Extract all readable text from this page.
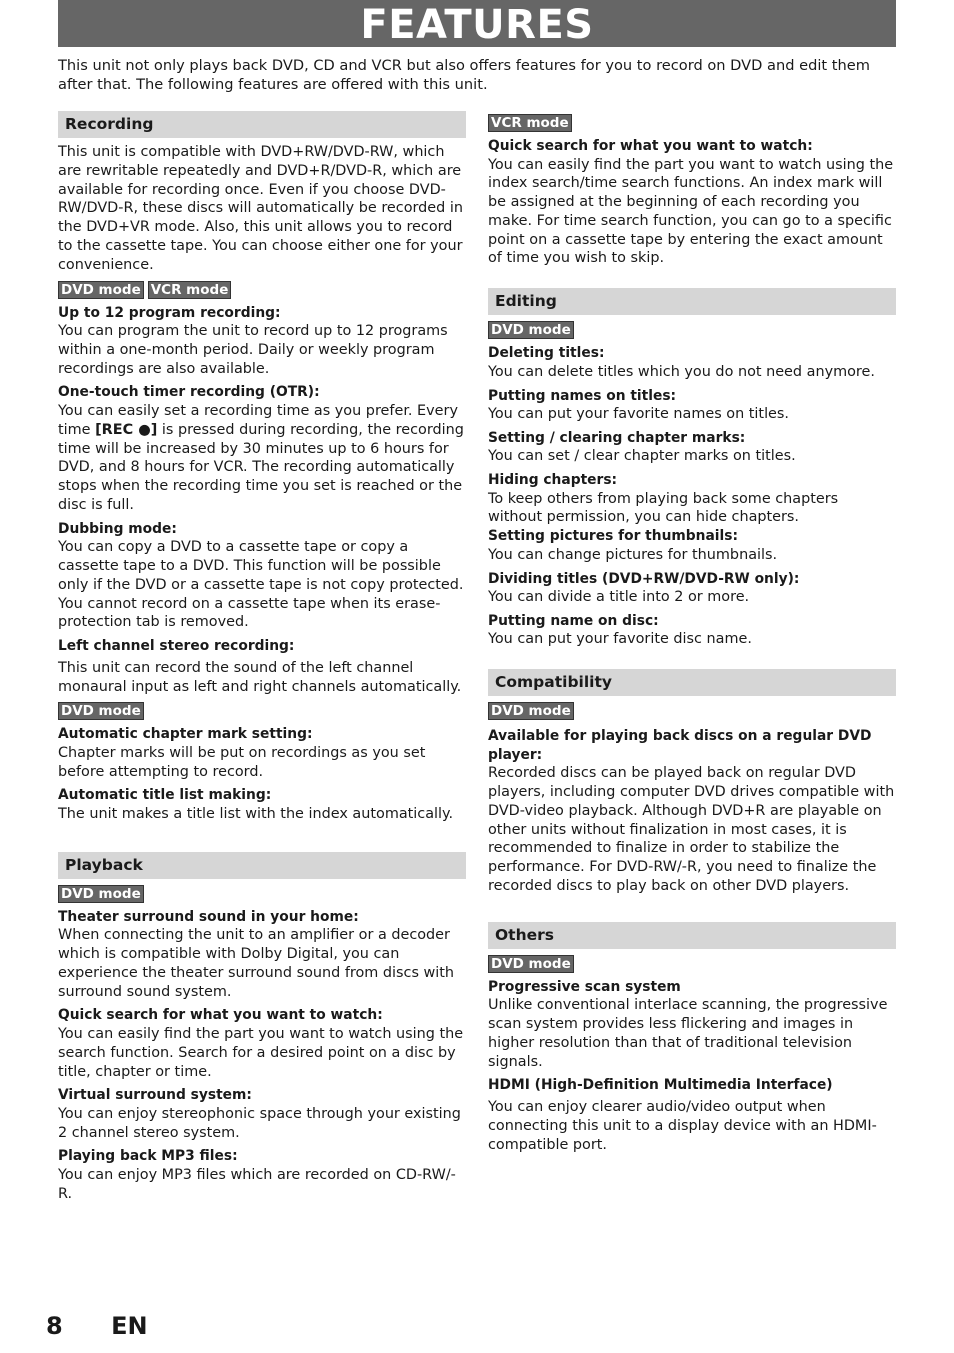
FEATURES
This unit not only plays back DVD, CD and VCR but also offers features for you to record on DVD and edit them after that. The following features are offered with this unit.
Recording
This unit is compatible with DVD+RW/DVD-RW, which are rewritable repeatedly and DVD+R/DVD-R, which are available for recording once. Even if you choose DVD-RW/DVD-R, these discs will automatically be recorded in the DVD+VR mode. Also, this unit allows you to record to the cassette tape. You can choose either one for your convenience.
DVD mode VCR mode
Up to 12 program recording:
You can program the unit to record up to 12 programs within a one-month period. Daily or weekly program recordings are also available.
One-touch timer recording (OTR):
You can easily set a recording time as you prefer. Every time [REC ●] is pressed during recording, the recording time will be increased by 30 minutes up to 6 hours for DVD, and 8 hours for VCR. The recording automatically stops when the recording time you set is reached or the disc is full.
Dubbing mode:
You can copy a DVD to a cassette tape or copy a cassette tape to a DVD. This function will be possible only if the DVD or a cassette tape is not copy protected.
You cannot record on a cassette tape when its erase-protection tab is removed.
Left channel stereo recording:
This unit can record the sound of the left channel monaural input as left and right channels automatically.
DVD mode
Automatic chapter mark setting:
Chapter marks will be put on recordings as you set before attempting to record.
Automatic title list making:
The unit makes a title list with the index automatically.
Playback
DVD mode
Theater surround sound in your home:
When connecting the unit to an amplifier or a decoder which is compatible with Dolby Digital, you can experience the theater surround sound from discs with surround sound system.
Quick search for what you want to watch:
You can easily find the part you want to watch using the search function. Search for a desired point on a disc by title, chapter or time.
Virtual surround system:
You can enjoy stereophonic space through your existing 2 channel stereo system.
Playing back MP3 files:
You can enjoy MP3 files which are recorded on CD-RW/-R.
VCR mode
Quick search for what you want to watch:
You can easily find the part you want to watch using the index search/time search functions. An index mark will be assigned at the beginning of each recording you make. For time search function, you can go to a specific point on a cassette tape by entering the exact amount of time you wish to skip.
Editing
DVD mode
Deleting titles:
You can delete titles which you do not need anymore.
Putting names on titles:
You can put your favorite names on titles.
Setting / clearing chapter marks:
You can set / clear chapter marks on titles.
Hiding chapters:
To keep others from playing back some chapters without permission, you can hide chapters.
Setting pictures for thumbnails:
You can change pictures for thumbnails.
Dividing titles (DVD+RW/DVD-RW only):
You can divide a title into 2 or more.
Putting name on disc:
You can put your favorite disc name.
Compatibility
DVD mode
Available for playing back discs on a regular DVD player:
Recorded discs can be played back on regular DVD players, including computer DVD drives compatible with DVD-video playback. Although DVD+R are playable on other units without finalization in most cases, it is recommended to finalize in order to stabilize the performance. For DVD-RW/-R, you need to finalize the recorded discs to play back on other DVD players.
Others
DVD mode
Progressive scan system
Unlike conventional interlace scanning, the progressive scan system provides less flickering and images in higher resolution than that of traditional television signals.
HDMI (High-Definition Multimedia Interface)
You can enjoy clearer audio/video output when connecting this unit to a display device with an HDMI-compatible port.
8 EN
